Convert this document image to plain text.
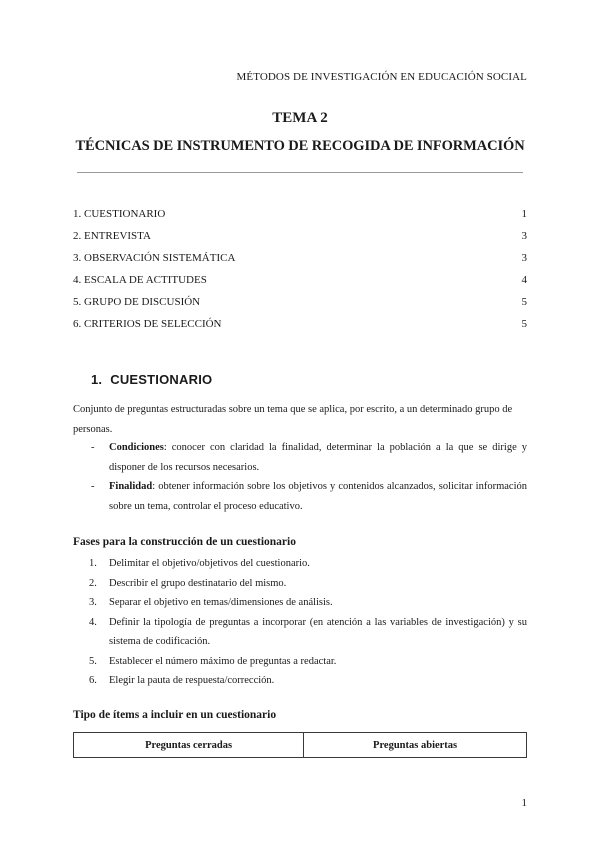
MÉTODOS DE INVESTIGACIÓN EN EDUCACIÓN SOCIAL
TEMA 2
TÉCNICAS DE INSTRUMENTO DE RECOGIDA DE INFORMACIÓN
1. CUESTIONARIO	1
2. ENTREVISTA	3
3. OBSERVACIÓN SISTEMÁTICA	3
4. ESCALA DE ACTITUDES	4
5. GRUPO DE DISCUSIÓN	5
6. CRITERIOS DE SELECCIÓN	5
1. CUESTIONARIO

Conjunto de preguntas estructuradas sobre un tema que se aplica, por escrito, a un determinado grupo de personas.

- Condiciones: conocer con claridad la finalidad, determinar la población a la que se dirige y disponer de los recursos necesarios.
- Finalidad: obtener información sobre los objetivos y contenidos alcanzados, solicitar información sobre un tema, controlar el proceso educativo.
Fases para la construcción de un cuestionario
1. Delimitar el objetivo/objetivos del cuestionario.
2. Describir el grupo destinatario del mismo.
3. Separar el objetivo en temas/dimensiones de análisis.
4. Definir la tipología de preguntas a incorporar (en atención a las variables de investigación) y su sistema de codificación.
5. Establecer el número máximo de preguntas a redactar.
6. Elegir la pauta de respuesta/corrección.
Tipo de ítems a incluir en un cuestionario
Preguntas cerradas	Preguntas abiertas
1
